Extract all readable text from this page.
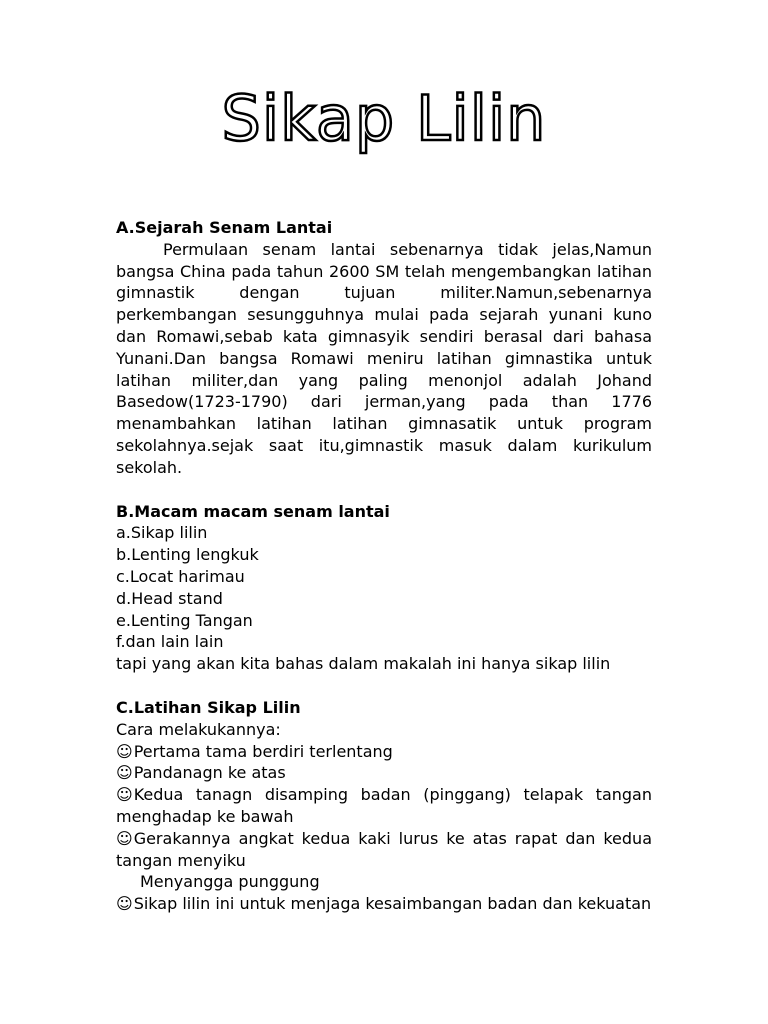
Sikap Lilin
A.Sejarah Senam Lantai
Permulaan senam lantai sebenarnya tidak jelas,Namun bangsa China pada tahun 2600 SM telah mengembangkan latihan gimnastik dengan tujuan militer.Namun,sebenarnya perkembangan sesungguhnya mulai pada sejarah yunani kuno dan Romawi,sebab kata gimnasyik sendiri berasal dari bahasa Yunani.Dan bangsa Romawi meniru latihan gimnastika untuk latihan militer,dan yang paling menonjol adalah Johand Basedow(1723-1790) dari jerman,yang pada than 1776 menambahkan latihan latihan gimnasatik untuk program sekolahnya.sejak saat itu,gimnastik masuk dalam kurikulum sekolah.
B.Macam macam senam lantai
a.Sikap lilin
b.Lenting lengkuk
c.Locat harimau
d.Head stand
e.Lenting Tangan
f.dan lain lain
tapi yang akan kita bahas dalam makalah ini hanya sikap lilin
C.Latihan Sikap Lilin
Cara melakukannya:
☺Pertama tama berdiri terlentang
☺Pandanagn ke atas
☺Kedua tanagn disamping badan (pinggang) telapak tangan menghadap ke bawah
☺Gerakannya angkat kedua kaki lurus ke atas rapat dan kedua tangan menyiku
Menyangga punggung
☺Sikap lilin ini untuk menjaga kesaimbangan badan dan kekuatan
